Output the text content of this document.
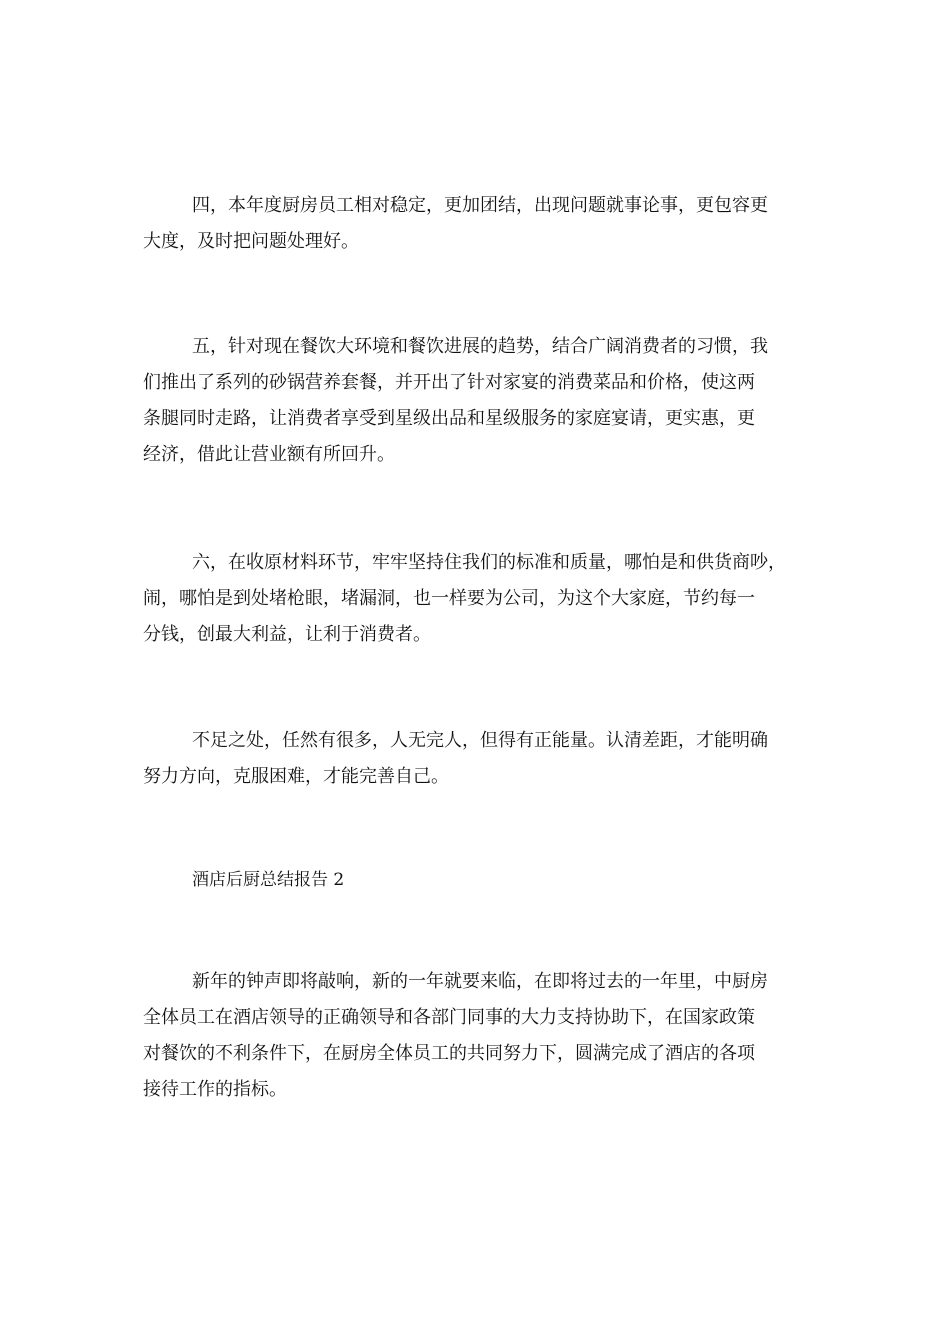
四，本年度厨房员工相对稳定，更加团结，出现问题就事论事，更包容更
大度，及时把问题处理好。
五，针对现在餐饮大环境和餐饮进展的趋势，结合广阔消费者的习惯，我
们推出了系列的砂锅营养套餐，并开出了针对家宴的消费菜品和价格，使这两
条腿同时走路，让消费者享受到星级出品和星级服务的家庭宴请，更实惠，更
经济，借此让营业额有所回升。
六，在收原材料环节，牢牢坚持住我们的标准和质量，哪怕是和供货商吵，
闹，哪怕是到处堵枪眼，堵漏洞，也一样要为公司，为这个大家庭，节约每一
分钱，创最大利益，让利于消费者。
不足之处，任然有很多，人无完人，但得有正能量。认清差距，才能明确
努力方向，克服困难，才能完善自己。
酒店后厨总结报告 2
新年的钟声即将敲响，新的一年就要来临，在即将过去的一年里，中厨房
全体员工在酒店领导的正确领导和各部门同事的大力支持协助下，在国家政策
对餐饮的不利条件下，在厨房全体员工的共同努力下，圆满完成了酒店的各项
接待工作的指标。
